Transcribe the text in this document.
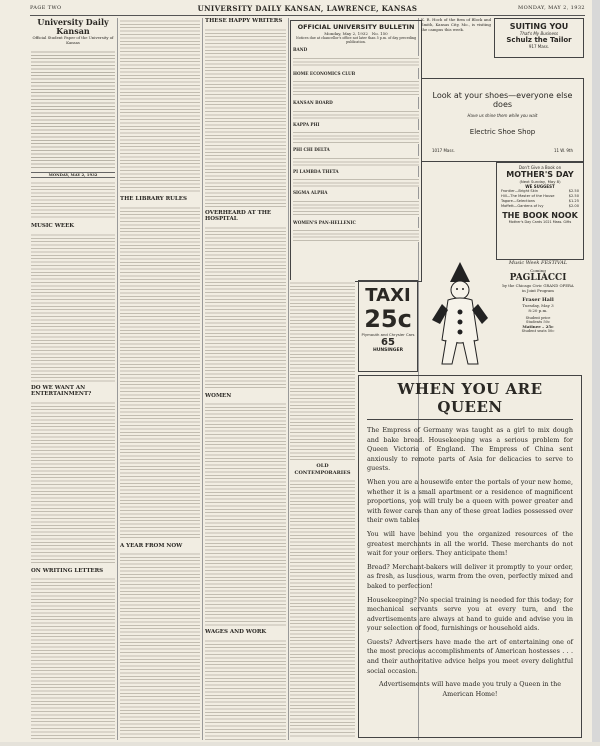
PAGE TWO	UNIVERSITY DAILY KANSAN, LAWRENCE, KANSAS	MONDAY, MAY 2, 1932
University Daily Kansan
Official Student Paper of the University of Kansas
MONDAY, MAY 2, 1932
MUSIC WEEK
DO WE WANT AN ENTERTAINMENT?
ON WRITING LETTERS
THE LIBRARY RULES
A YEAR FROM NOW
THESE HAPPY WRITERS
OVERHEARD AT THE HOSPITAL
WOMEN
WAGES AND WORK
OFFICIAL UNIVERSITY BULLETIN
Monday, May 2, 1932 No. 150
Notices due at chancellor's office not later than 5 p.m. of day preceding publication.
BAND
HOME ECONOMICS CLUB
KANSAN BOARD
KAPPA PHI
PHI CHI DELTA
PI LAMBDA THETA
SIGMA ALPHA
WOMEN'S PAN-HELLENIC
OLD CONTEMPORARIES
TAXI
25c
Plymouth and Chrysler Cars
65
HUNSINGER
K. R. Hoch of the firm of Block and Smith, Kansas City, Mo., is visiting the campus this week.	SUITING YOU
That's My Business
Schulz the Tailor
917 Mass.
Look at your shoes—everyone else does
Have us shine them while you wait
Electric Shoe Shop
1017 Mass.	11 W. 9th
Don't Give a Book on
MOTHER'S DAY
(Next Sunday, May 8)
WE SUGGEST
Frontier—Bright Skin	$2.50
Hill—The Master of the House	$2.50
Tagore—Selections	$1.25
Moffett—Gardens of Ivy	$2.00
THE BOOK NOOK
Mother's Day Cards 1021 Mass. Gifts
Music Week FESTIVAL
Coming
PAGLIACCI
by the Chicago Civic GRAND OPERA
in Joint Program
Fraser Hall
Tuesday, May 3
8:20 p.m.
Student price
Students 50c
Matinee – 25c
Student seats 50c
WHEN YOU ARE QUEEN

The Empress of Germany was taught as a girl to mix dough and bake bread. Housekeeping was a serious problem for Queen Victoria of England. The Empress of China sent anxiously to remote parts of Asia for delicacies to serve to guests.

When you are a housewife enter the portals of your new home, whether it is a small apartment or a residence of magnificent proportions, you will truly be a queen with power greater and with fewer cares than any of these great ladies possessed over their own tables

You will have behind you the organized resources of the greatest merchants in all the world. These merchants do not wait for your orders. They anticipate them!

Bread? Merchant-bakers will deliver it promptly to your order, as fresh, as luscious, warm from the oven, perfectly mixed and baked to perfection!

Housekeeping? No special training is needed for this today; for mechanical servants serve you at every turn, and the advertisements are always at hand to guide and advise you in your selection of food, furnishings or household aids.

Guests? Advertisers have made the art of entertaining one of the most precious accomplishments of American hostesses . . . and their authoritative advice helps you meet every delightful social occasion.

Advertisements will have made you truly a Queen in the American Home!
